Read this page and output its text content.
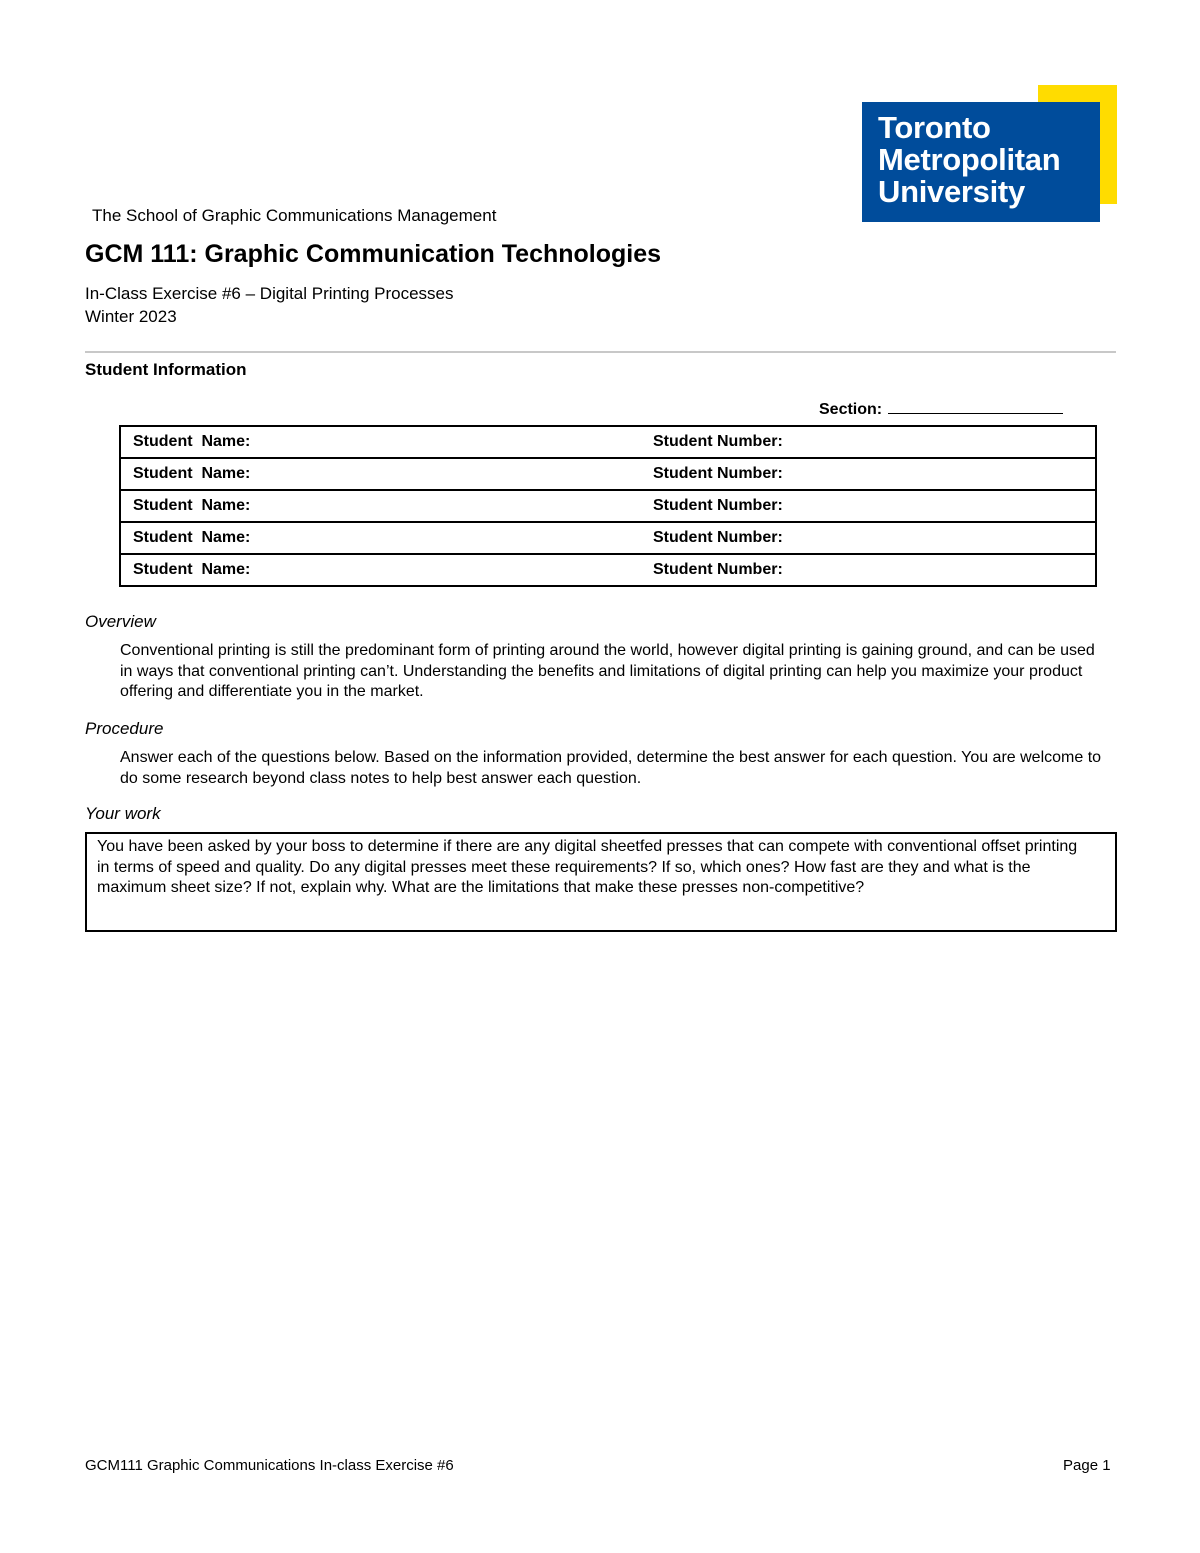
Toronto
Metropolitan
University
The School of Graphic Communications Management
GCM 111: Graphic Communication Technologies
In-Class Exercise #6 – Digital Printing Processes
Winter 2023
Student Information
Section:
Student  Name:	Student Number:
Student  Name:	Student Number:
Student  Name:	Student Number:
Student  Name:	Student Number:
Student  Name:	Student Number:
Overview
Conventional printing is still the predominant form of printing around the world, however digital printing is gaining ground, and can be used in ways that conventional printing can’t. Understanding the benefits and limitations of digital printing can help you maximize your product offering and differentiate you in the market.
Procedure
Answer each of the questions below. Based on the information provided, determine the best answer for each question. You are welcome to do some research beyond class notes to help best answer each question.
Your work
You have been asked by your boss to determine if there are any digital sheetfed presses that can compete with conventional offset printing in terms of speed and quality. Do any digital presses meet these requirements? If so, which ones? How fast are they and what is the maximum sheet size? If not, explain why. What are the limitations that make these presses non-competitive?
GCM111 Graphic Communications In-class Exercise #6	Page 1
